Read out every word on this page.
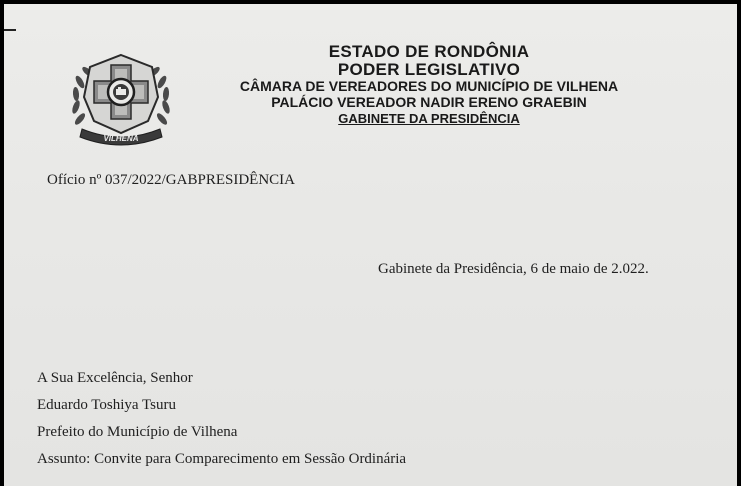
VILHENA
ESTADO DE RONDÔNIA
PODER LEGISLATIVO
CÂMARA DE VEREADORES DO MUNICÍPIO DE VILHENA
PALÁCIO VEREADOR NADIR ERENO GRAEBIN
GABINETE DA PRESIDÊNCIA
Ofício nº 037/2022/GABPRESIDÊNCIA
Gabinete da Presidência, 6 de maio de 2.022.
A Sua Excelência, Senhor
Eduardo Toshiya Tsuru
Prefeito do Município de Vilhena
Assunto: Convite para Comparecimento em Sessão Ordinária
